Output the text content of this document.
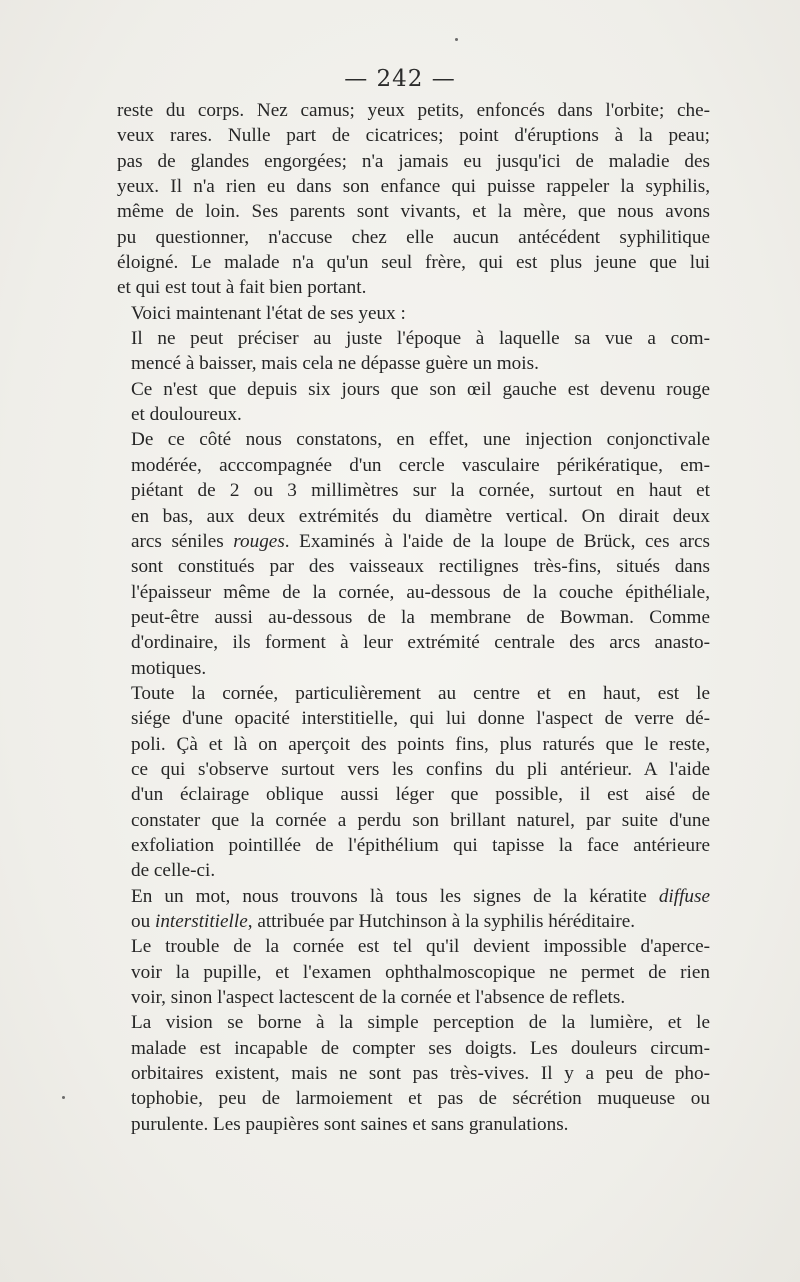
— 242 —

reste du corps. Nez camus; yeux petits, enfoncés dans l'orbite; che-
veux rares. Nulle part de cicatrices; point d'éruptions à la peau;
pas de glandes engorgées; n'a jamais eu jusqu'ici de maladie des
yeux. Il n'a rien eu dans son enfance qui puisse rappeler la syphilis,
même de loin. Ses parents sont vivants, et la mère, que nous avons
pu questionner, n'accuse chez elle aucun antécédent syphilitique
éloigné. Le malade n'a qu'un seul frère, qui est plus jeune que lui
et qui est tout à fait bien portant.

Voici maintenant l'état de ses yeux :

Il ne peut préciser au juste l'époque à laquelle sa vue a com-
mencé à baisser, mais cela ne dépasse guère un mois.

Ce n'est que depuis six jours que son œil gauche est devenu rouge
et douloureux.

De ce côté nous constatons, en effet, une injection conjonctivale
modérée, acccompagnée d'un cercle vasculaire périkératique, em-
piétant de 2 ou 3 millimètres sur la cornée, surtout en haut et
en bas, aux deux extrémités du diamètre vertical. On dirait deux
arcs séniles rouges. Examinés à l'aide de la loupe de Brück, ces arcs
sont constitués par des vaisseaux rectilignes très-fins, situés dans
l'épaisseur même de la cornée, au-dessous de la couche épithéliale,
peut-être aussi au-dessous de la membrane de Bowman. Comme
d'ordinaire, ils forment à leur extrémité centrale des arcs anasto-
motiques.

Toute la cornée, particulièrement au centre et en haut, est le
siége d'une opacité interstitielle, qui lui donne l'aspect de verre dé-
poli. Çà et là on aperçoit des points fins, plus raturés que le reste,
ce qui s'observe surtout vers les confins du pli antérieur. A l'aide
d'un éclairage oblique aussi léger que possible, il est aisé de
constater que la cornée a perdu son brillant naturel, par suite d'une
exfoliation pointillée de l'épithélium qui tapisse la face antérieure
de celle-ci.

En un mot, nous trouvons là tous les signes de la kératite diffuse
ou interstitielle, attribuée par Hutchinson à la syphilis héréditaire.

Le trouble de la cornée est tel qu'il devient impossible d'aperce-
voir la pupille, et l'examen ophthalmoscopique ne permet de rien
voir, sinon l'aspect lactescent de la cornée et l'absence de reflets.

La vision se borne à la simple perception de la lumière, et le
malade est incapable de compter ses doigts. Les douleurs circum-
orbitaires existent, mais ne sont pas très-vives. Il y a peu de pho-
tophobie, peu de larmoiement et pas de sécrétion muqueuse ou
purulente. Les paupières sont saines et sans granulations.
